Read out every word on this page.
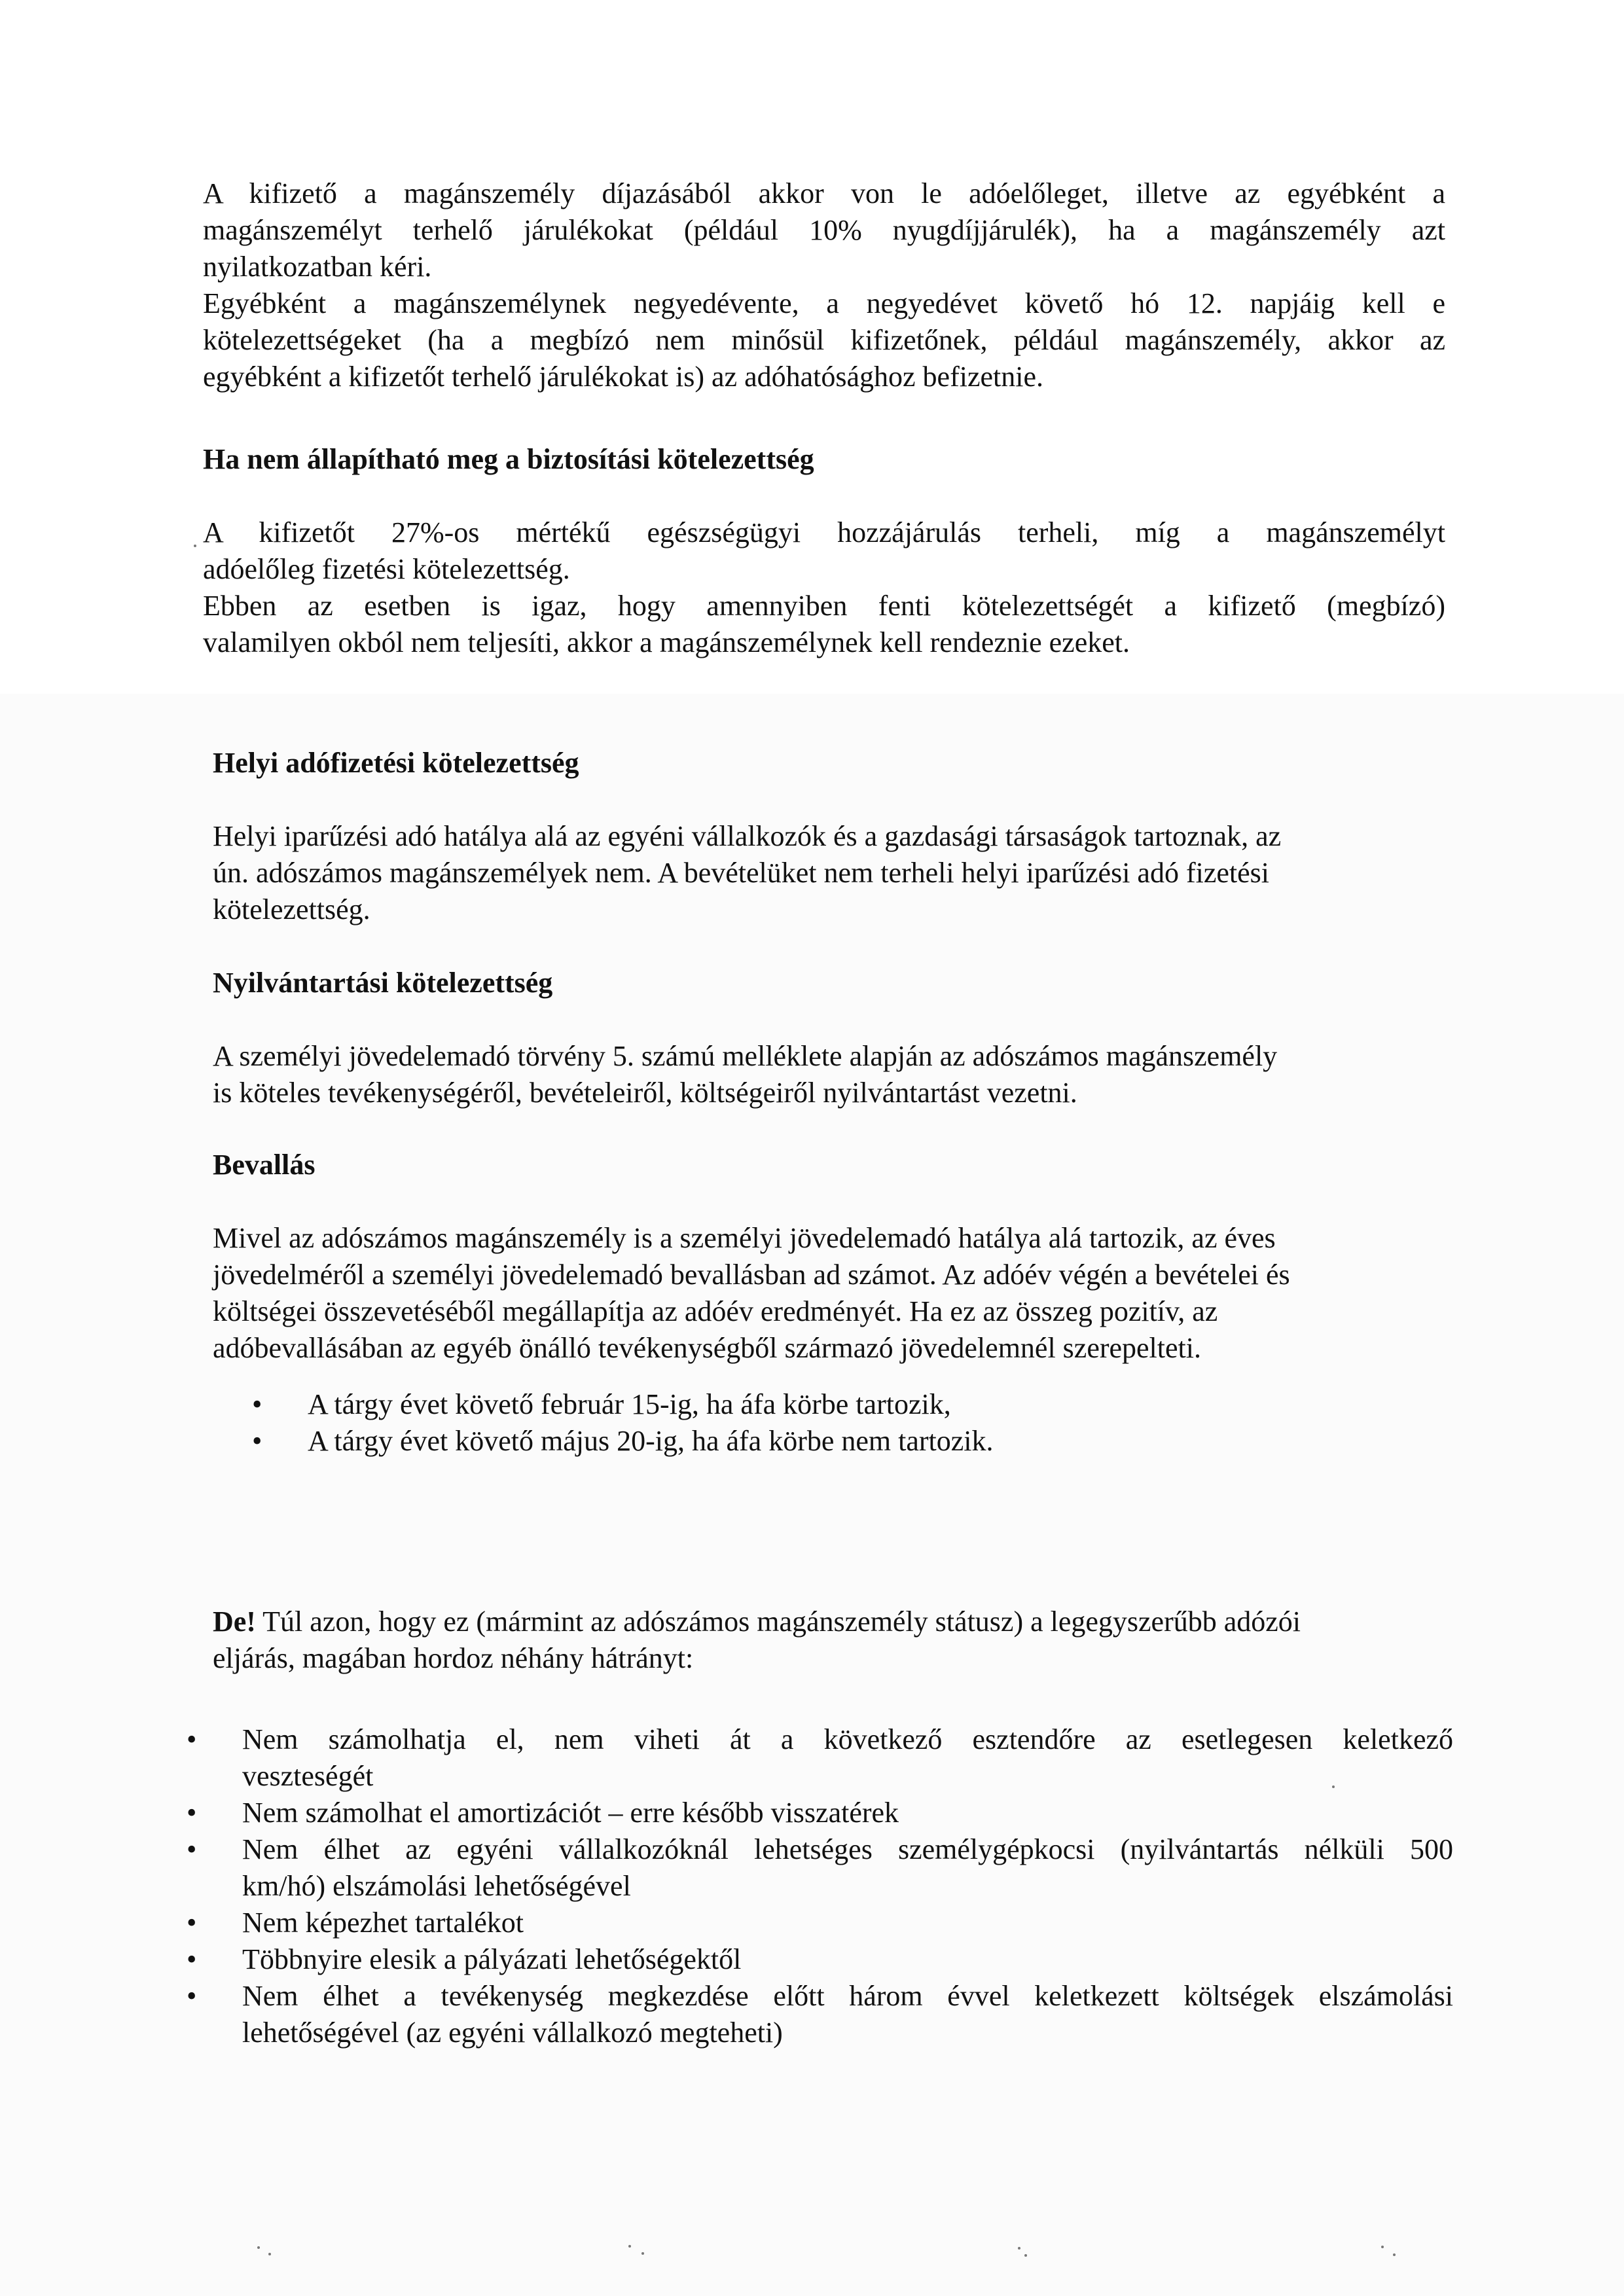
A kifizető a magánszemély díjazásából akkor von le adóelőleget, illetve az egyébként a
magánszemélyt terhelő járulékokat (például 10% nyugdíjjárulék), ha a magánszemély azt
nyilatkozatban kéri.
Egyébként a magánszemélynek negyedévente, a negyedévet követő hó 12. napjáig kell e
kötelezettségeket (ha a megbízó nem minősül kifizetőnek, például magánszemély, akkor az
egyébként a kifizetőt terhelő járulékokat is) az adóhatósághoz befizetnie.
Ha nem állapítható meg a biztosítási kötelezettség
A kifizetőt 27%-os mértékű egészségügyi hozzájárulás terheli, míg a magánszemélyt
adóelőleg fizetési kötelezettség.
Ebben az esetben is igaz, hogy amennyiben fenti kötelezettségét a kifizető (megbízó)
valamilyen okból nem teljesíti, akkor a magánszemélynek kell rendeznie ezeket.
Helyi adófizetési kötelezettség
Helyi iparűzési adó hatálya alá az egyéni vállalkozók és a gazdasági társaságok tartoznak, az
ún. adószámos magánszemélyek nem. A bevételüket nem terheli helyi iparűzési adó fizetési
kötelezettség.
Nyilvántartási kötelezettség
A személyi jövedelemadó törvény 5. számú melléklete alapján az adószámos magánszemély
is köteles tevékenységéről, bevételeiről, költségeiről nyilvántartást vezetni.
Bevallás
Mivel az adószámos magánszemély is a személyi jövedelemadó hatálya alá tartozik, az éves
jövedelméről a személyi jövedelemadó bevallásban ad számot. Az adóév végén a bevételei és
költségei összevetéséből megállapítja az adóév eredményét. Ha ez az összeg pozitív, az
adóbevallásában az egyéb önálló tevékenységből származó jövedelemnél szerepelteti.
• A tárgy évet követő február 15-ig, ha áfa körbe tartozik,
• A tárgy évet követő május 20-ig, ha áfa körbe nem tartozik.
De! Túl azon, hogy ez (mármint az adószámos magánszemély státusz) a legegyszerűbb adózói
eljárás, magában hordoz néhány hátrányt:
• Nem számolhatja el, nem viheti át a következő esztendőre az esetlegesen keletkező
veszteségét
• Nem számolhat el amortizációt – erre később visszatérek
• Nem élhet az egyéni vállalkozóknál lehetséges személygépkocsi (nyilvántartás nélküli 500
km/hó) elszámolási lehetőségével
• Nem képezhet tartalékot
• Többnyire elesik a pályázati lehetőségektől
• Nem élhet a tevékenység megkezdése előtt három évvel keletkezett költségek elszámolási
lehetőségével (az egyéni vállalkozó megteheti)
